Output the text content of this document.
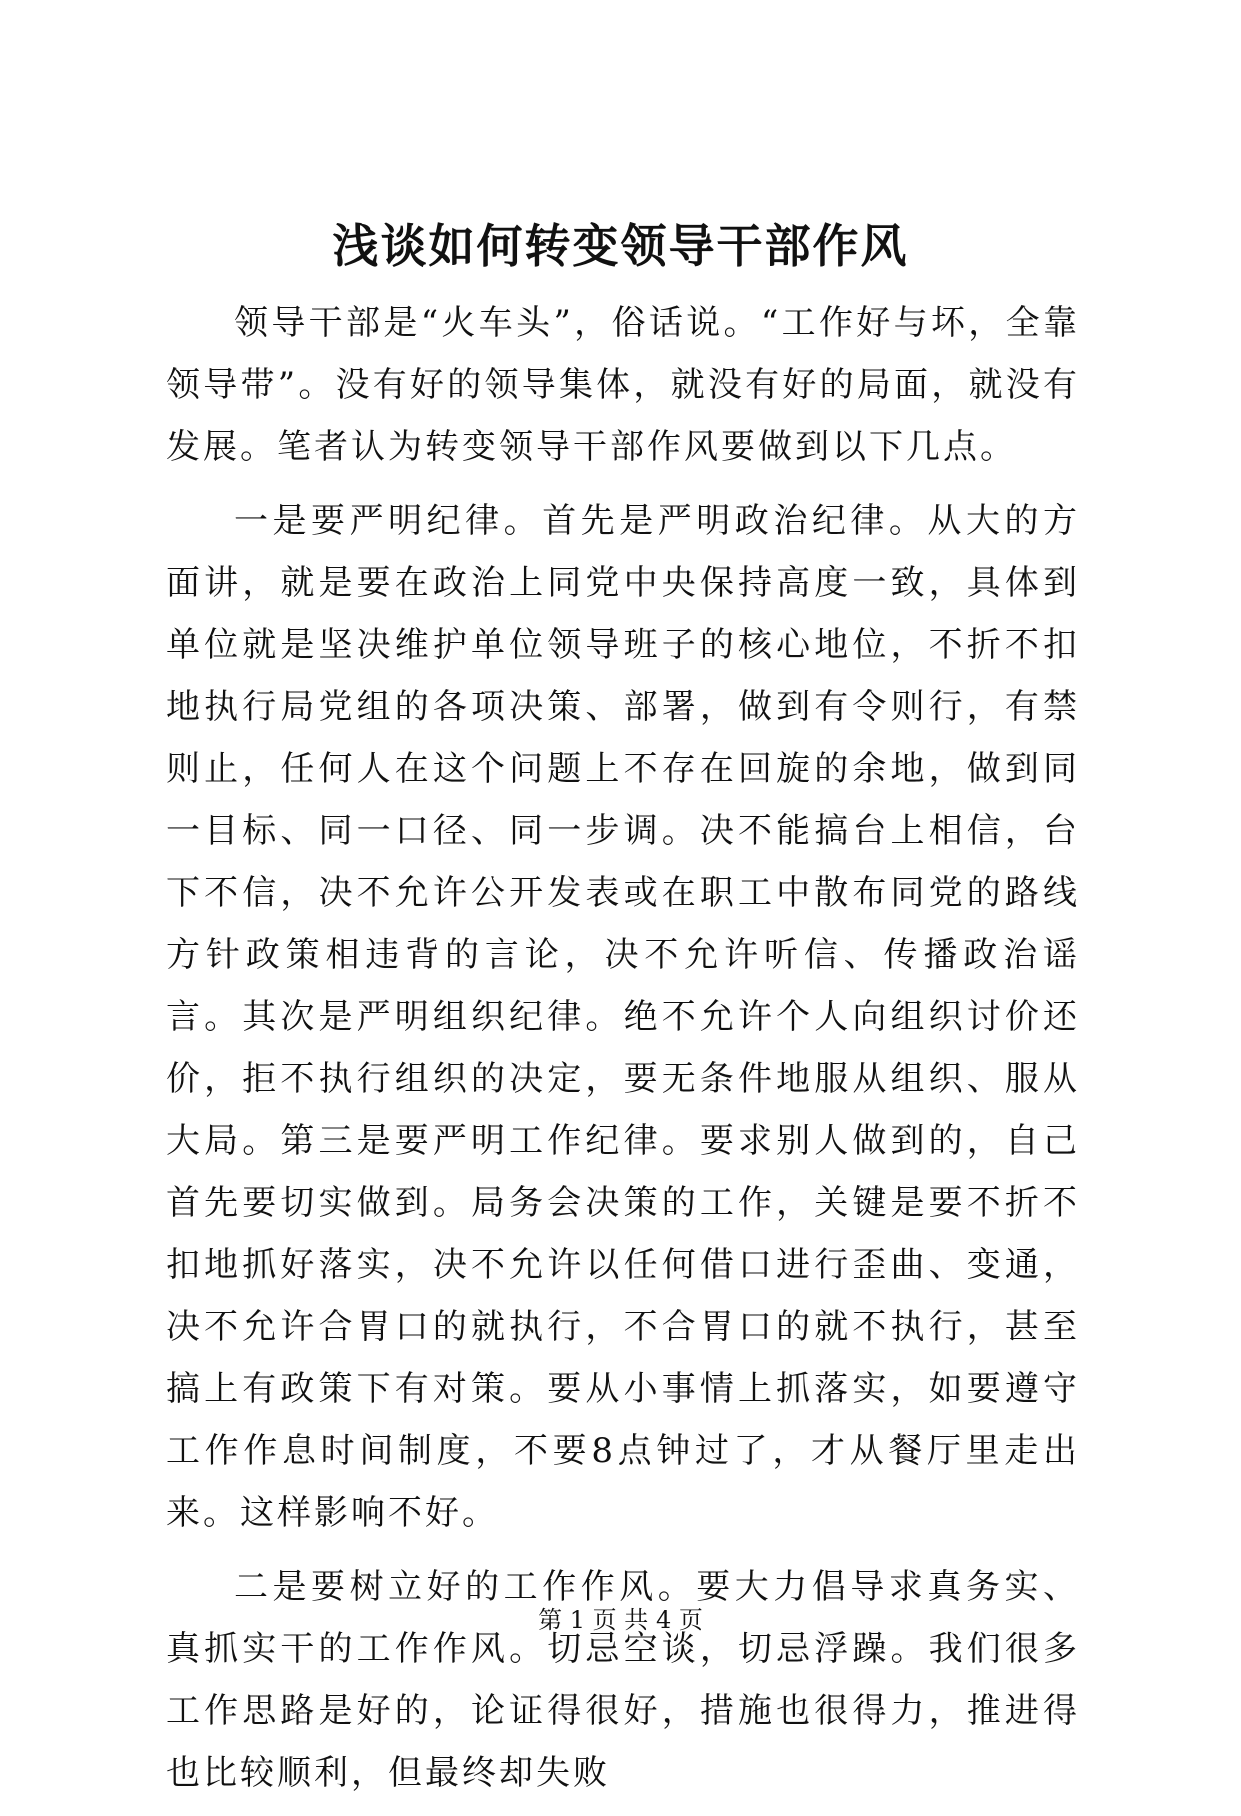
浅谈如何转变领导干部作风

领导干部是“火车头”，俗话说。“工作好与坏，全靠领导带”。没有好的领导集体，就没有好的局面，就没有发展。笔者认为转变领导干部作风要做到以下几点。

一是要严明纪律。首先是严明政治纪律。从大的方面讲，就是要在政治上同党中央保持高度一致，具体到单位就是坚决维护单位领导班子的核心地位，不折不扣地执行局党组的各项决策、部署，做到有令则行，有禁则止，任何人在这个问题上不存在回旋的余地，做到同一目标、同一口径、同一步调。决不能搞台上相信，台下不信，决不允许公开发表或在职工中散布同党的路线方针政策相违背的言论，决不允许听信、传播政治谣言。其次是严明组织纪律。绝不允许个人向组织讨价还价，拒不执行组织的决定，要无条件地服从组织、服从大局。第三是要严明工作纪律。要求别人做到的，自己首先要切实做到。局务会决策的工作，关键是要不折不扣地抓好落实，决不允许以任何借口进行歪曲、变通，决不允许合胃口的就执行，不合胃口的就不执行，甚至搞上有政策下有对策。要从小事情上抓落实，如要遵守工作作息时间制度，不要8点钟过了，才从餐厅里走出来。这样影响不好。

二是要树立好的工作作风。要大力倡导求真务实、真抓实干的工作作风。切忌空谈，切忌浮躁。我们很多工作思路是好的，论证得很好，措施也很得力，推进得也比较顺利，但最终却失败

第 1 页 共 4 页
